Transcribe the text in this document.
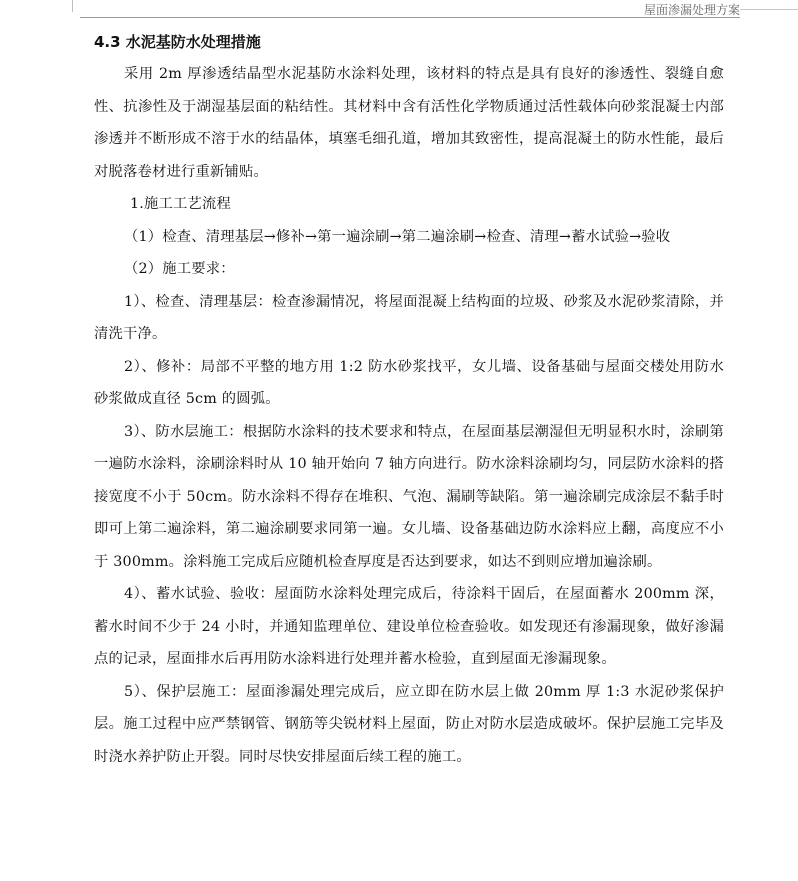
屋面渗漏处理方案
4.3 水泥基防水处理措施

采用 2m 厚渗透结晶型水泥基防水涂料处理，该材料的特点是具有良好的渗透性、裂缝自愈性、抗渗性及于湖湿基层面的粘结性。其材料中含有活性化学物质通过活性载体向砂浆混凝士内部渗透并不断形成不溶于水的结晶体，填塞毛细孔道，增加其致密性，提高混凝土的防水性能，最后对脱落卷材进行重新铺贴。

1.施工工艺流程

（1）检查、清理基层→修补→第一遍涂刷→第二遍涂刷→检查、清理→蓄水试验→验收

（2）施工要求：

1）、检查、清理基层：检查渗漏情况，将屋面混凝上结构面的垃圾、砂浆及水泥砂浆清除，并清洗干净。

2）、修补：局部不平整的地方用 1:2 防水砂浆找平，女儿墙、设备基础与屋面交楼处用防水砂浆做成直径 5cm 的圆弧。

3）、防水层施工：根据防水涂料的技术要求和特点，在屋面基层潮湿但无明显积水时，涂刷第一遍防水涂料，涂刷涂料时从 10 轴开始向 7 轴方向进行。防水涂料涂刷均匀，同层防水涂料的搭接宽度不小于 50cm。防水涂料不得存在堆积、气泡、漏刷等缺陷。第一遍涂刷完成涂层不黏手时即可上第二遍涂料，第二遍涂刷要求同第一遍。女儿墙、设备基础边防水涂料应上翻，高度应不小于 300mm。涂料施工完成后应随机检查厚度是否达到要求，如达不到则应增加遍涂刷。

4）、蓄水试验、验收：屋面防水涂料处理完成后，待涂料干固后，在屋面蓄水 200mm 深，蓄水时间不少于 24 小时，并通知监理单位、建设单位检查验收。如发现还有渗漏现象，做好渗漏点的记录，屋面排水后再用防水涂料进行处理并蓄水检验，直到屋面无渗漏现象。

5）、保护层施工：屋面渗漏处理完成后，应立即在防水层上做 20mm 厚 1:3 水泥砂浆保护层。施工过程中应严禁钢管、钢筋等尖锐材料上屋面，防止对防水层造成破坏。保护层施工完毕及时浇水养护防止开裂。同时尽快安排屋面后续工程的施工。
